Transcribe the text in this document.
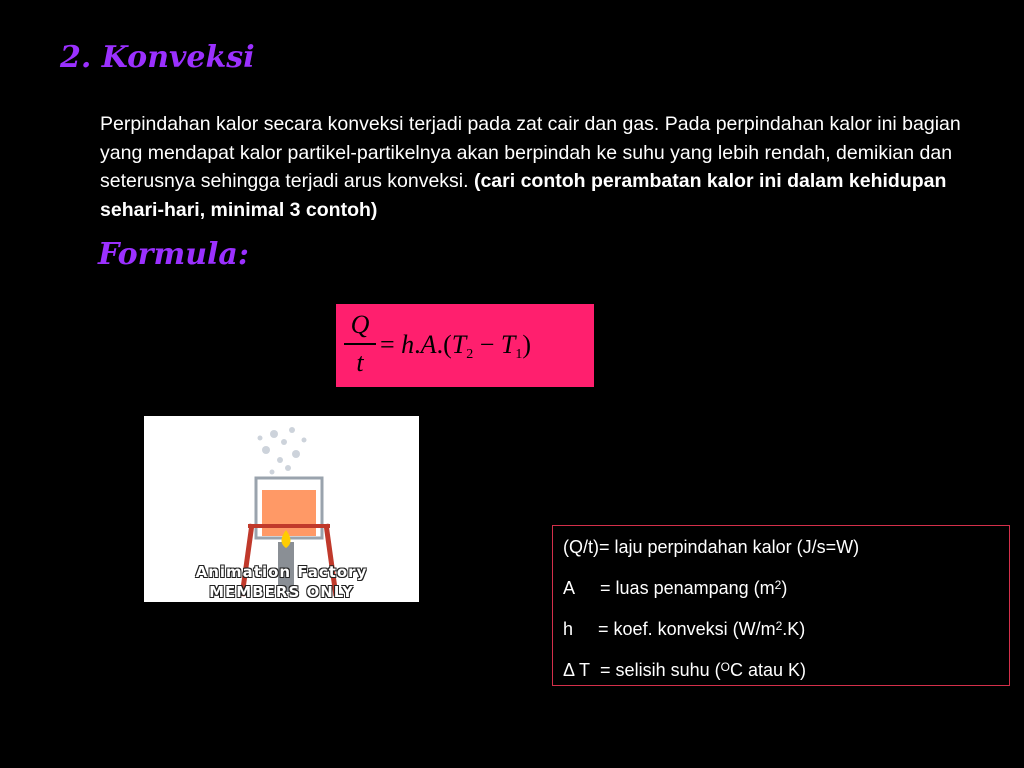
2. Konveksi
Perpindahan kalor secara konveksi terjadi pada zat cair dan gas. Pada perpindahan kalor ini bagian yang mendapat kalor partikel-partikelnya akan berpindah ke suhu yang lebih rendah, demikian dan seterusnya sehingga terjadi arus konveksi. (cari contoh perambatan kalor ini dalam kehidupan sehari-hari, minimal 3 contoh)
Formula:
Q
t
= $h.A.(T_2 - T_1)$
Animation Factory
MEMBERS ONLY
(Q/t)= laju perpindahan kalor (J/s=W)
A = luas penampang $(m^2)$
h = koef. konveksi $(W/m^2.K)$
Δ T = selisih suhu ($^O$C atau K)
